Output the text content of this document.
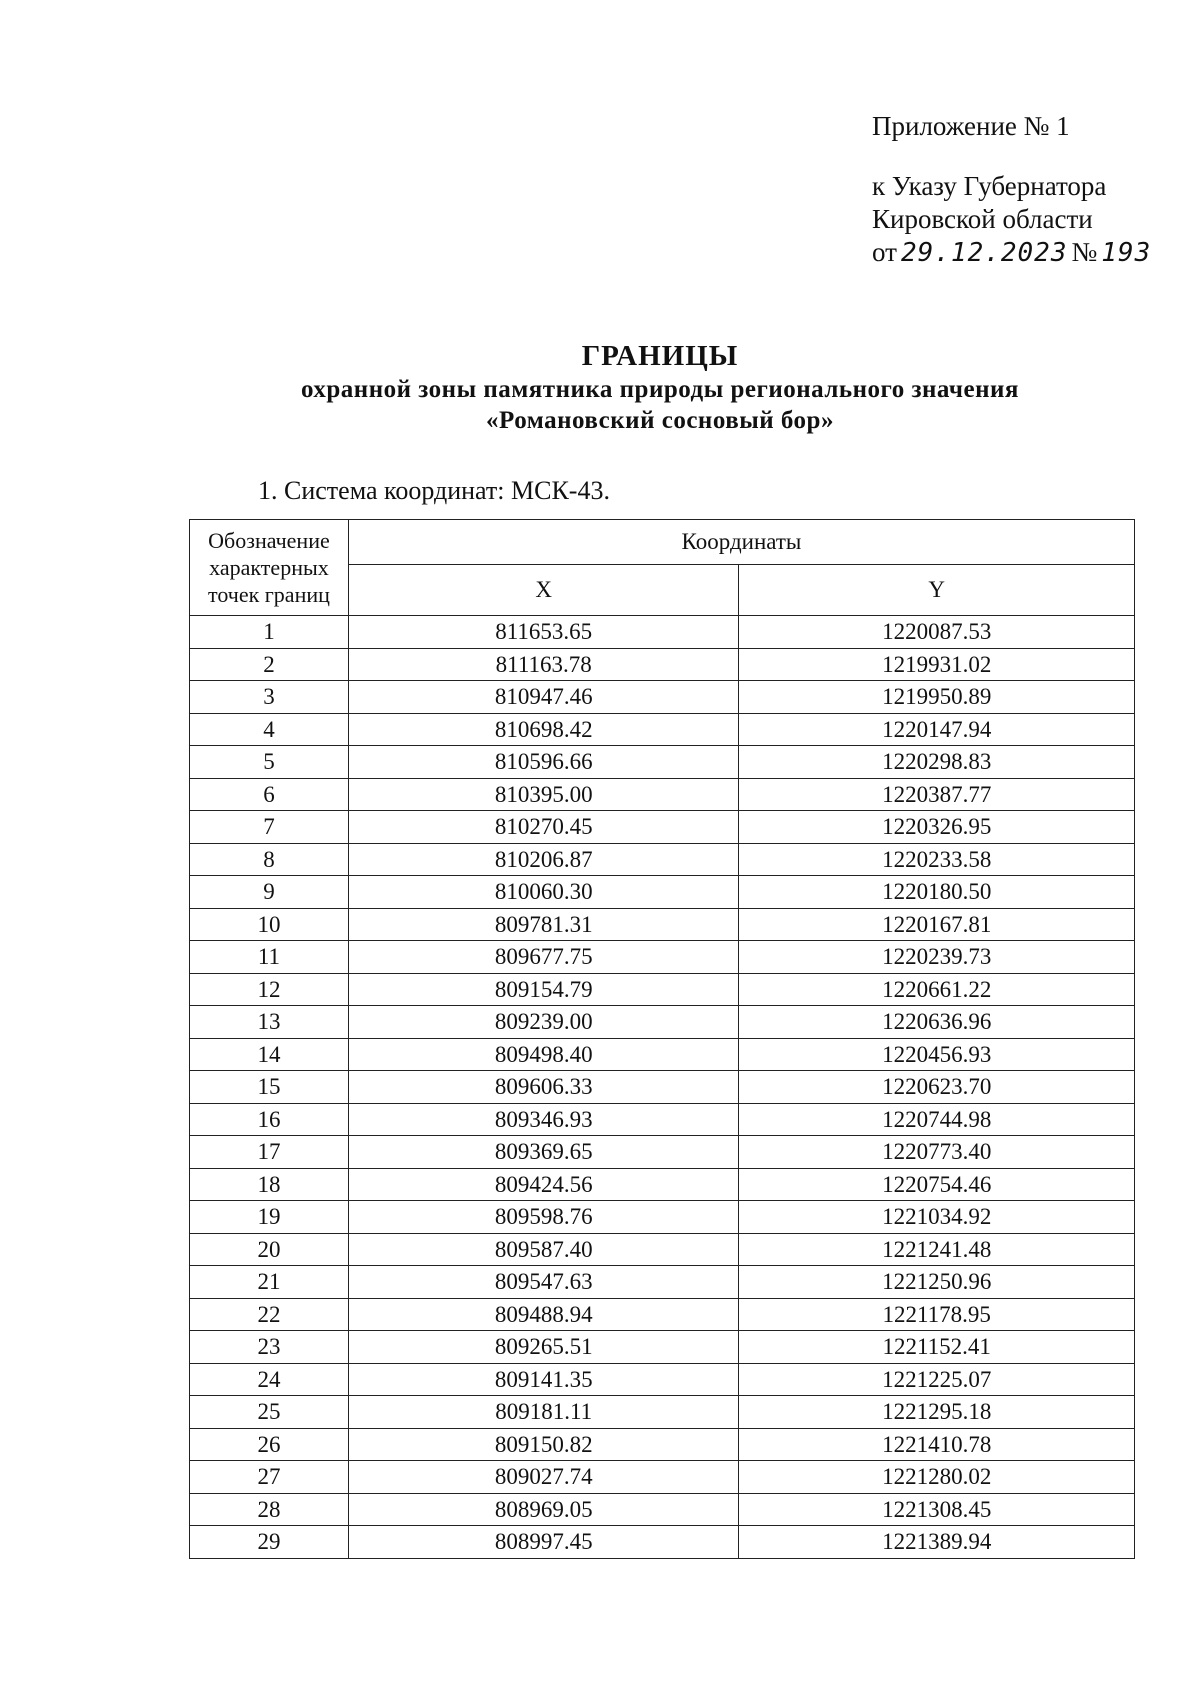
Приложение № 1
к Указу Губернатора
Кировской области
от 29.12.2023 № 193
ГРАНИЦЫ
охранной зоны памятника природы регионального значения
«Романовский сосновый бор»
1. Система координат: МСК-43.
Обозначение характерных точек границ	Координаты	
	X	Y
1	811653.65	1220087.53
2	811163.78	1219931.02
3	810947.46	1219950.89
4	810698.42	1220147.94
5	810596.66	1220298.83
6	810395.00	1220387.77
7	810270.45	1220326.95
8	810206.87	1220233.58
9	810060.30	1220180.50
10	809781.31	1220167.81
11	809677.75	1220239.73
12	809154.79	1220661.22
13	809239.00	1220636.96
14	809498.40	1220456.93
15	809606.33	1220623.70
16	809346.93	1220744.98
17	809369.65	1220773.40
18	809424.56	1220754.46
19	809598.76	1221034.92
20	809587.40	1221241.48
21	809547.63	1221250.96
22	809488.94	1221178.95
23	809265.51	1221152.41
24	809141.35	1221225.07
25	809181.11	1221295.18
26	809150.82	1221410.78
27	809027.74	1221280.02
28	808969.05	1221308.45
29	808997.45	1221389.94
